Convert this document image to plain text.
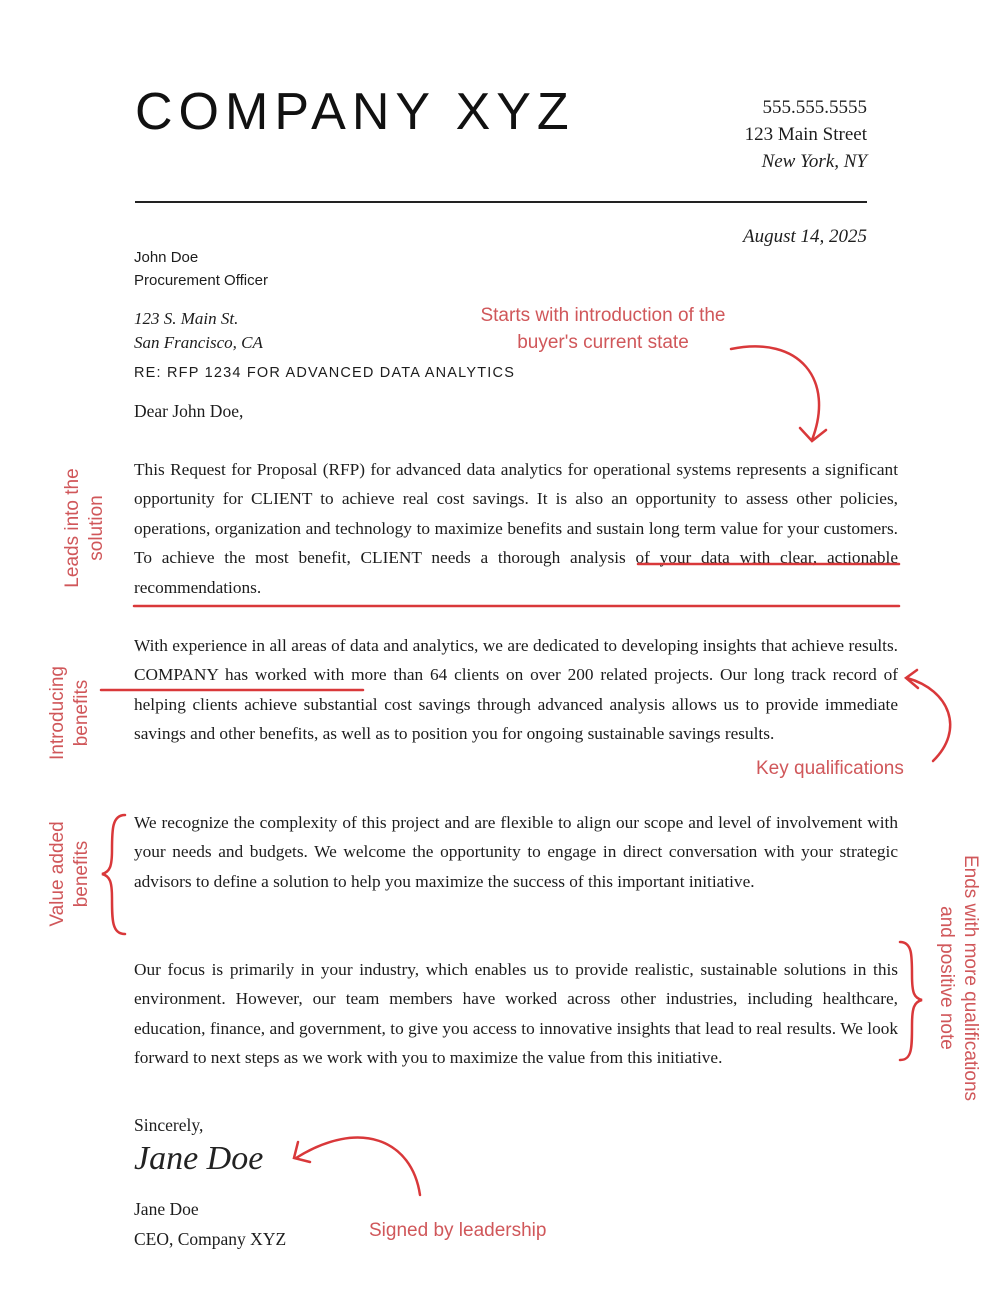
COMPANY XYZ	555.555.5555
123 Main Street
New York, NY
August 14, 2025
John Doe
Procurement Officer
123 S. Main St.
San Francisco, CA
RE: RFP 1234 FOR ADVANCED DATA ANALYTICS
Dear John Doe,
This Request for Proposal (RFP) for advanced data analytics for operational systems represents a significant opportunity for CLIENT to achieve real cost savings. It is also an opportunity to assess other policies, operations, organization and technology to maximize benefits and sustain long term value for your customers. To achieve the most benefit, CLIENT needs a thorough analysis of your data with clear, actionable recommendations.
With experience in all areas of data and analytics, we are dedicated to developing insights that achieve results. COMPANY has worked with more than 64 clients on over 200 related projects. Our long track record of helping clients achieve substantial cost savings through advanced analysis allows us to provide immediate savings and other benefits, as well as to position you for ongoing sustainable savings results.
We recognize the complexity of this project and are flexible to align our scope and level of involvement with your needs and budgets. We welcome the opportunity to engage in direct conversation with your strategic advisors to define a solution to help you maximize the success of this important initiative.
Our focus is primarily in your industry, which enables us to provide realistic, sustainable solutions in this environment. However, our team members have worked across other industries, including healthcare, education, finance, and government, to give you access to innovative insights that lead to real results. We look forward to next steps as we work with you to maximize the value from this initiative.
Sincerely,
Jane Doe
Jane Doe
CEO, Company XYZ
Starts with introduction of the
buyer's current state
Leads into the solution
Introducing benefits
Value added benefits
Key qualifications
Ends with more qualifications
and positive note
Signed by leadership
